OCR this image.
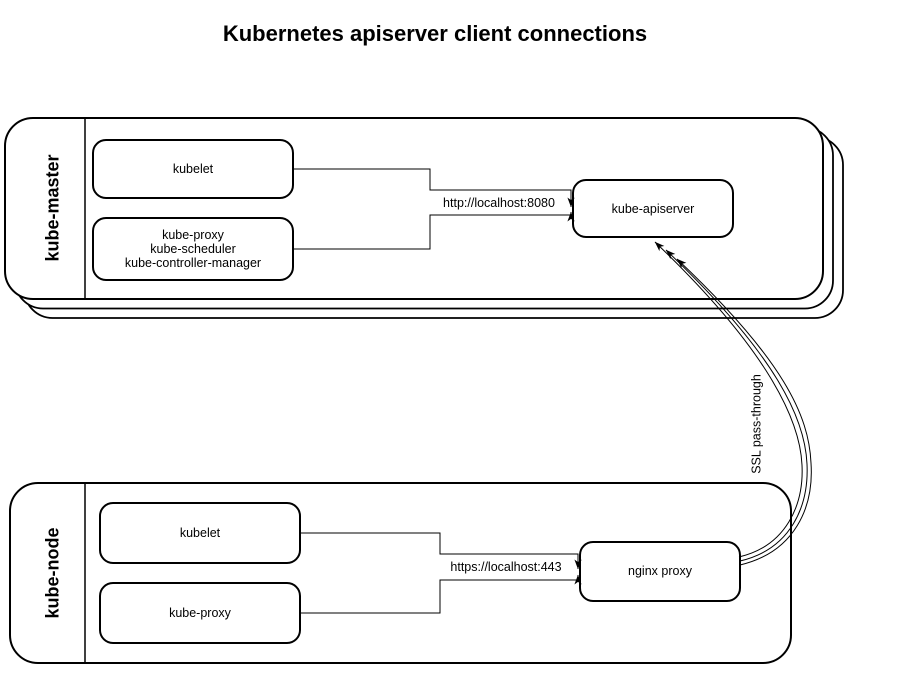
Kubernetes apiserver client connections
kube-master	kubelet
kube-proxy
kube-scheduler
kube-controller-manager
kube-apiserver
http://localhost:8080
kube-node	kubelet
kube-proxy
nginx proxy
https://localhost:443
SSL pass-through
